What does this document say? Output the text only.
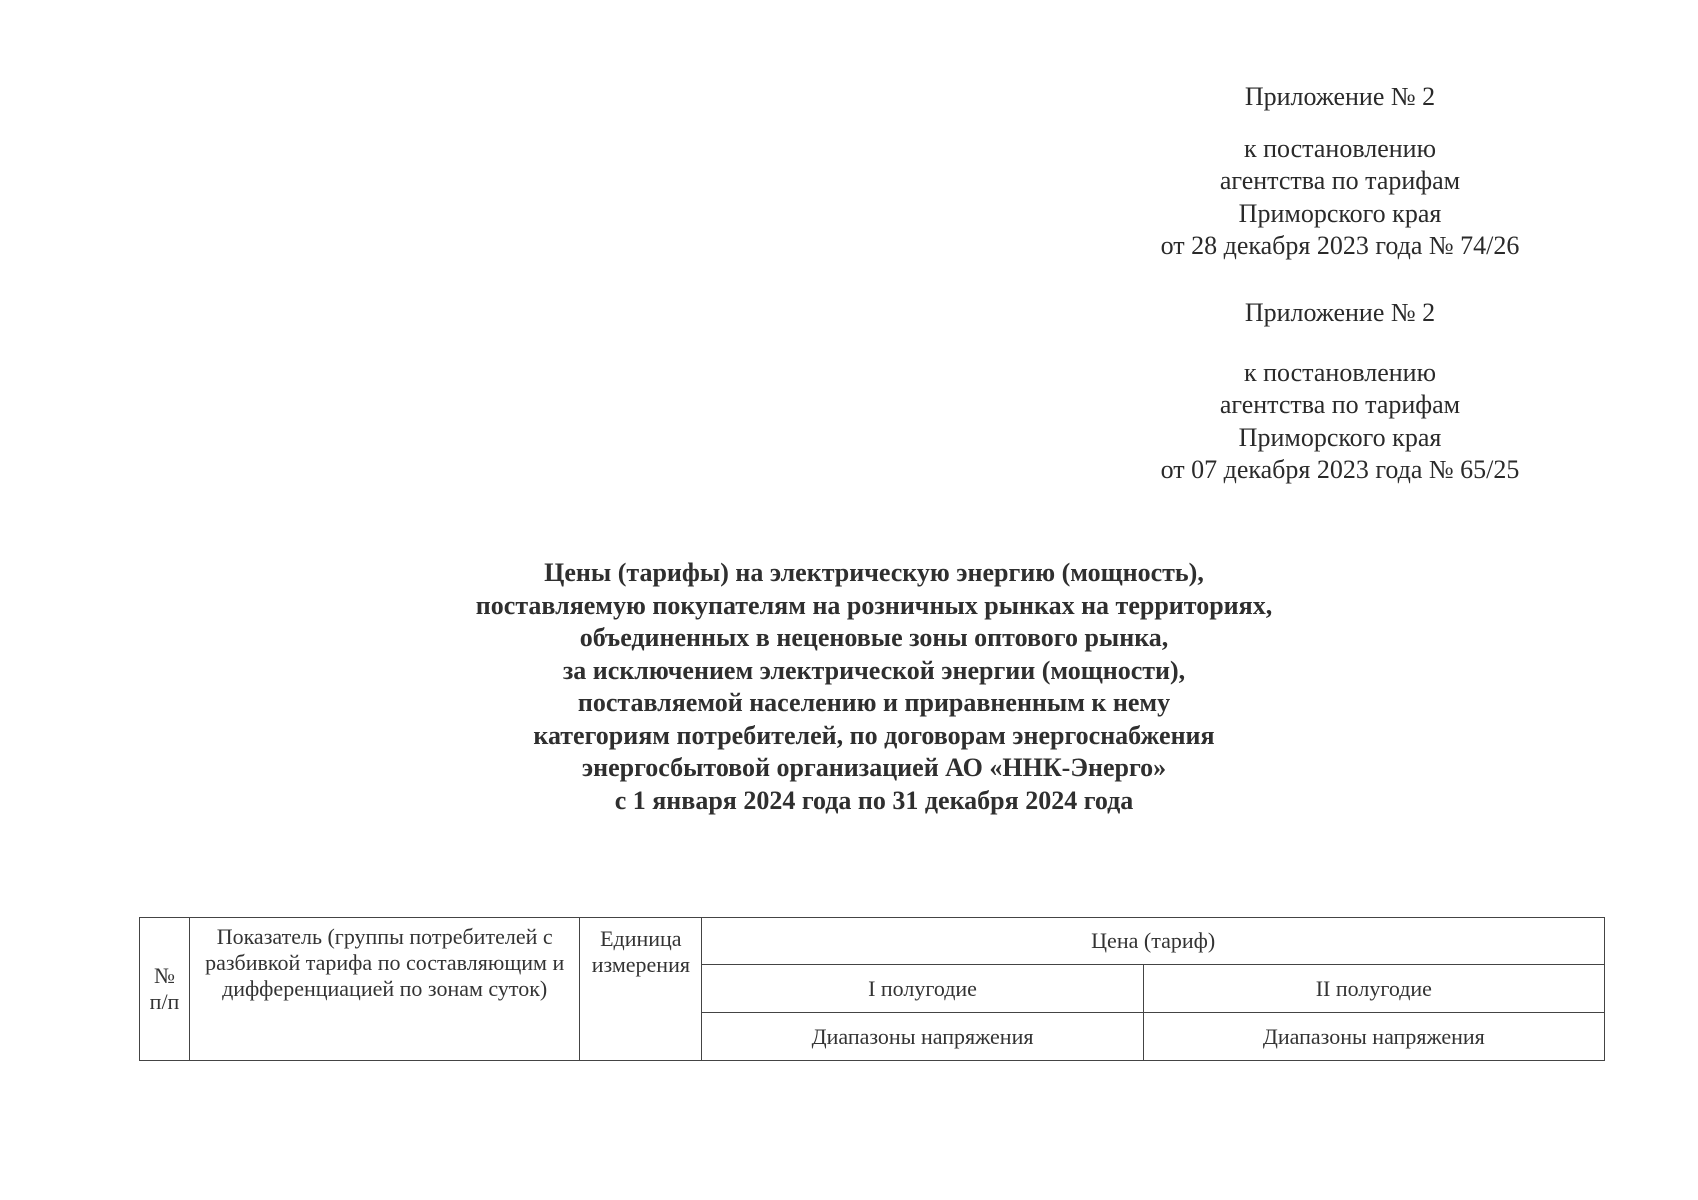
Приложение № 2
к постановлению
агентства по тарифам
Приморского края
от 28 декабря 2023 года № 74/26
Приложение № 2
к постановлению
агентства по тарифам
Приморского края
от 07 декабря 2023 года № 65/25
Цены (тарифы) на электрическую энергию (мощность),
поставляемую покупателям на розничных рынках на территориях,
объединенных в неценовые зоны оптового рынка,
за исключением электрической энергии (мощности),
поставляемой населению и приравненным к нему
категориям потребителей, по договорам энергоснабжения
энергосбытовой организацией АО «ННК-Энерго»
с 1 января 2024 года по 31 декабря 2024 года
№
п/п	Показатель (группы потребителей с разбивкой тарифа по составляющим и дифференциацией по зонам суток)	Единица измерения	Цена (тариф)	
			I полугодие	II полугодие
			Диапазоны напряжения	Диапазоны напряжения
